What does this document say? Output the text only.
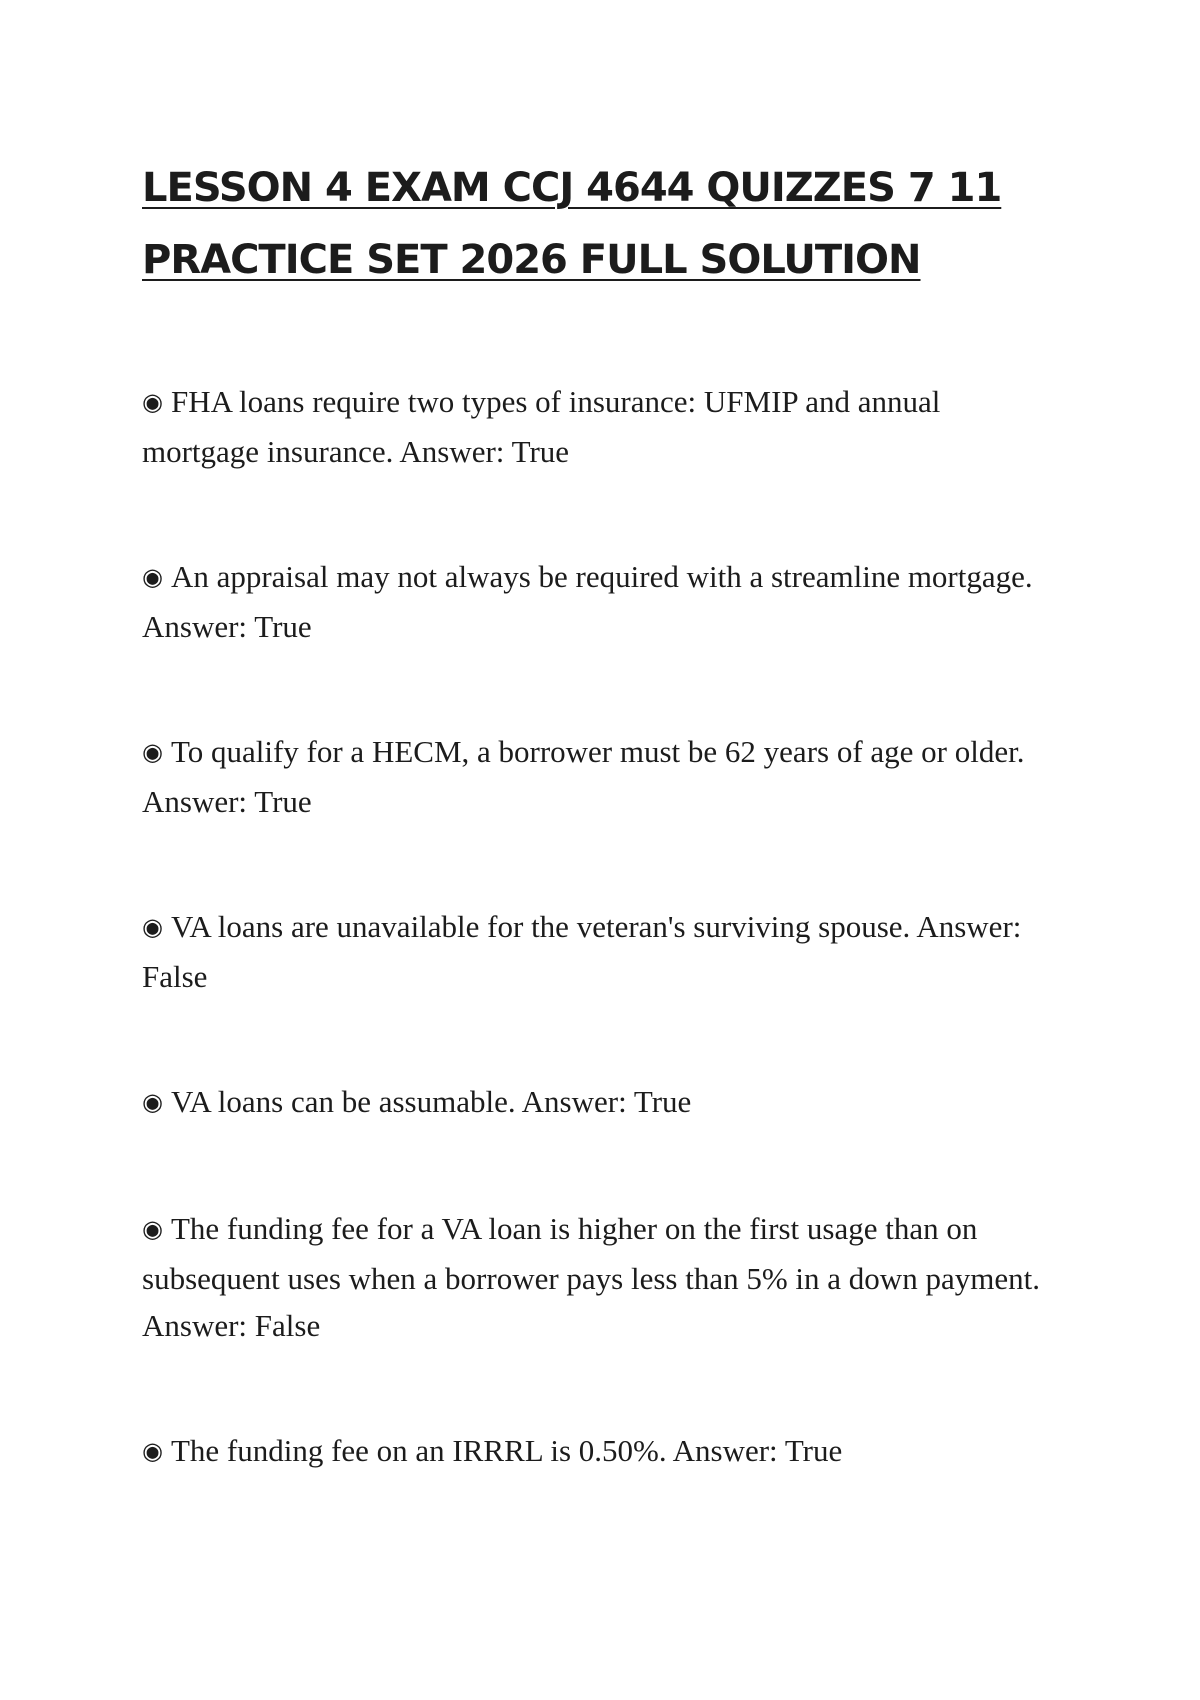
LESSON 4 EXAM CCJ 4644 QUIZZES 7 11
PRACTICE SET 2026 FULL SOLUTION

◉ FHA loans require two types of insurance: UFMIP and annual mortgage insurance. Answer: True

◉ An appraisal may not always be required with a streamline mortgage. Answer: True

◉ To qualify for a HECM, a borrower must be 62 years of age or older. Answer: True

◉ VA loans are unavailable for the veteran's surviving spouse. Answer: False

◉ VA loans can be assumable. Answer: True

◉ The funding fee for a VA loan is higher on the first usage than on subsequent uses when a borrower pays less than 5% in a down payment. Answer: False

◉ The funding fee on an IRRRL is 0.50%. Answer: True
